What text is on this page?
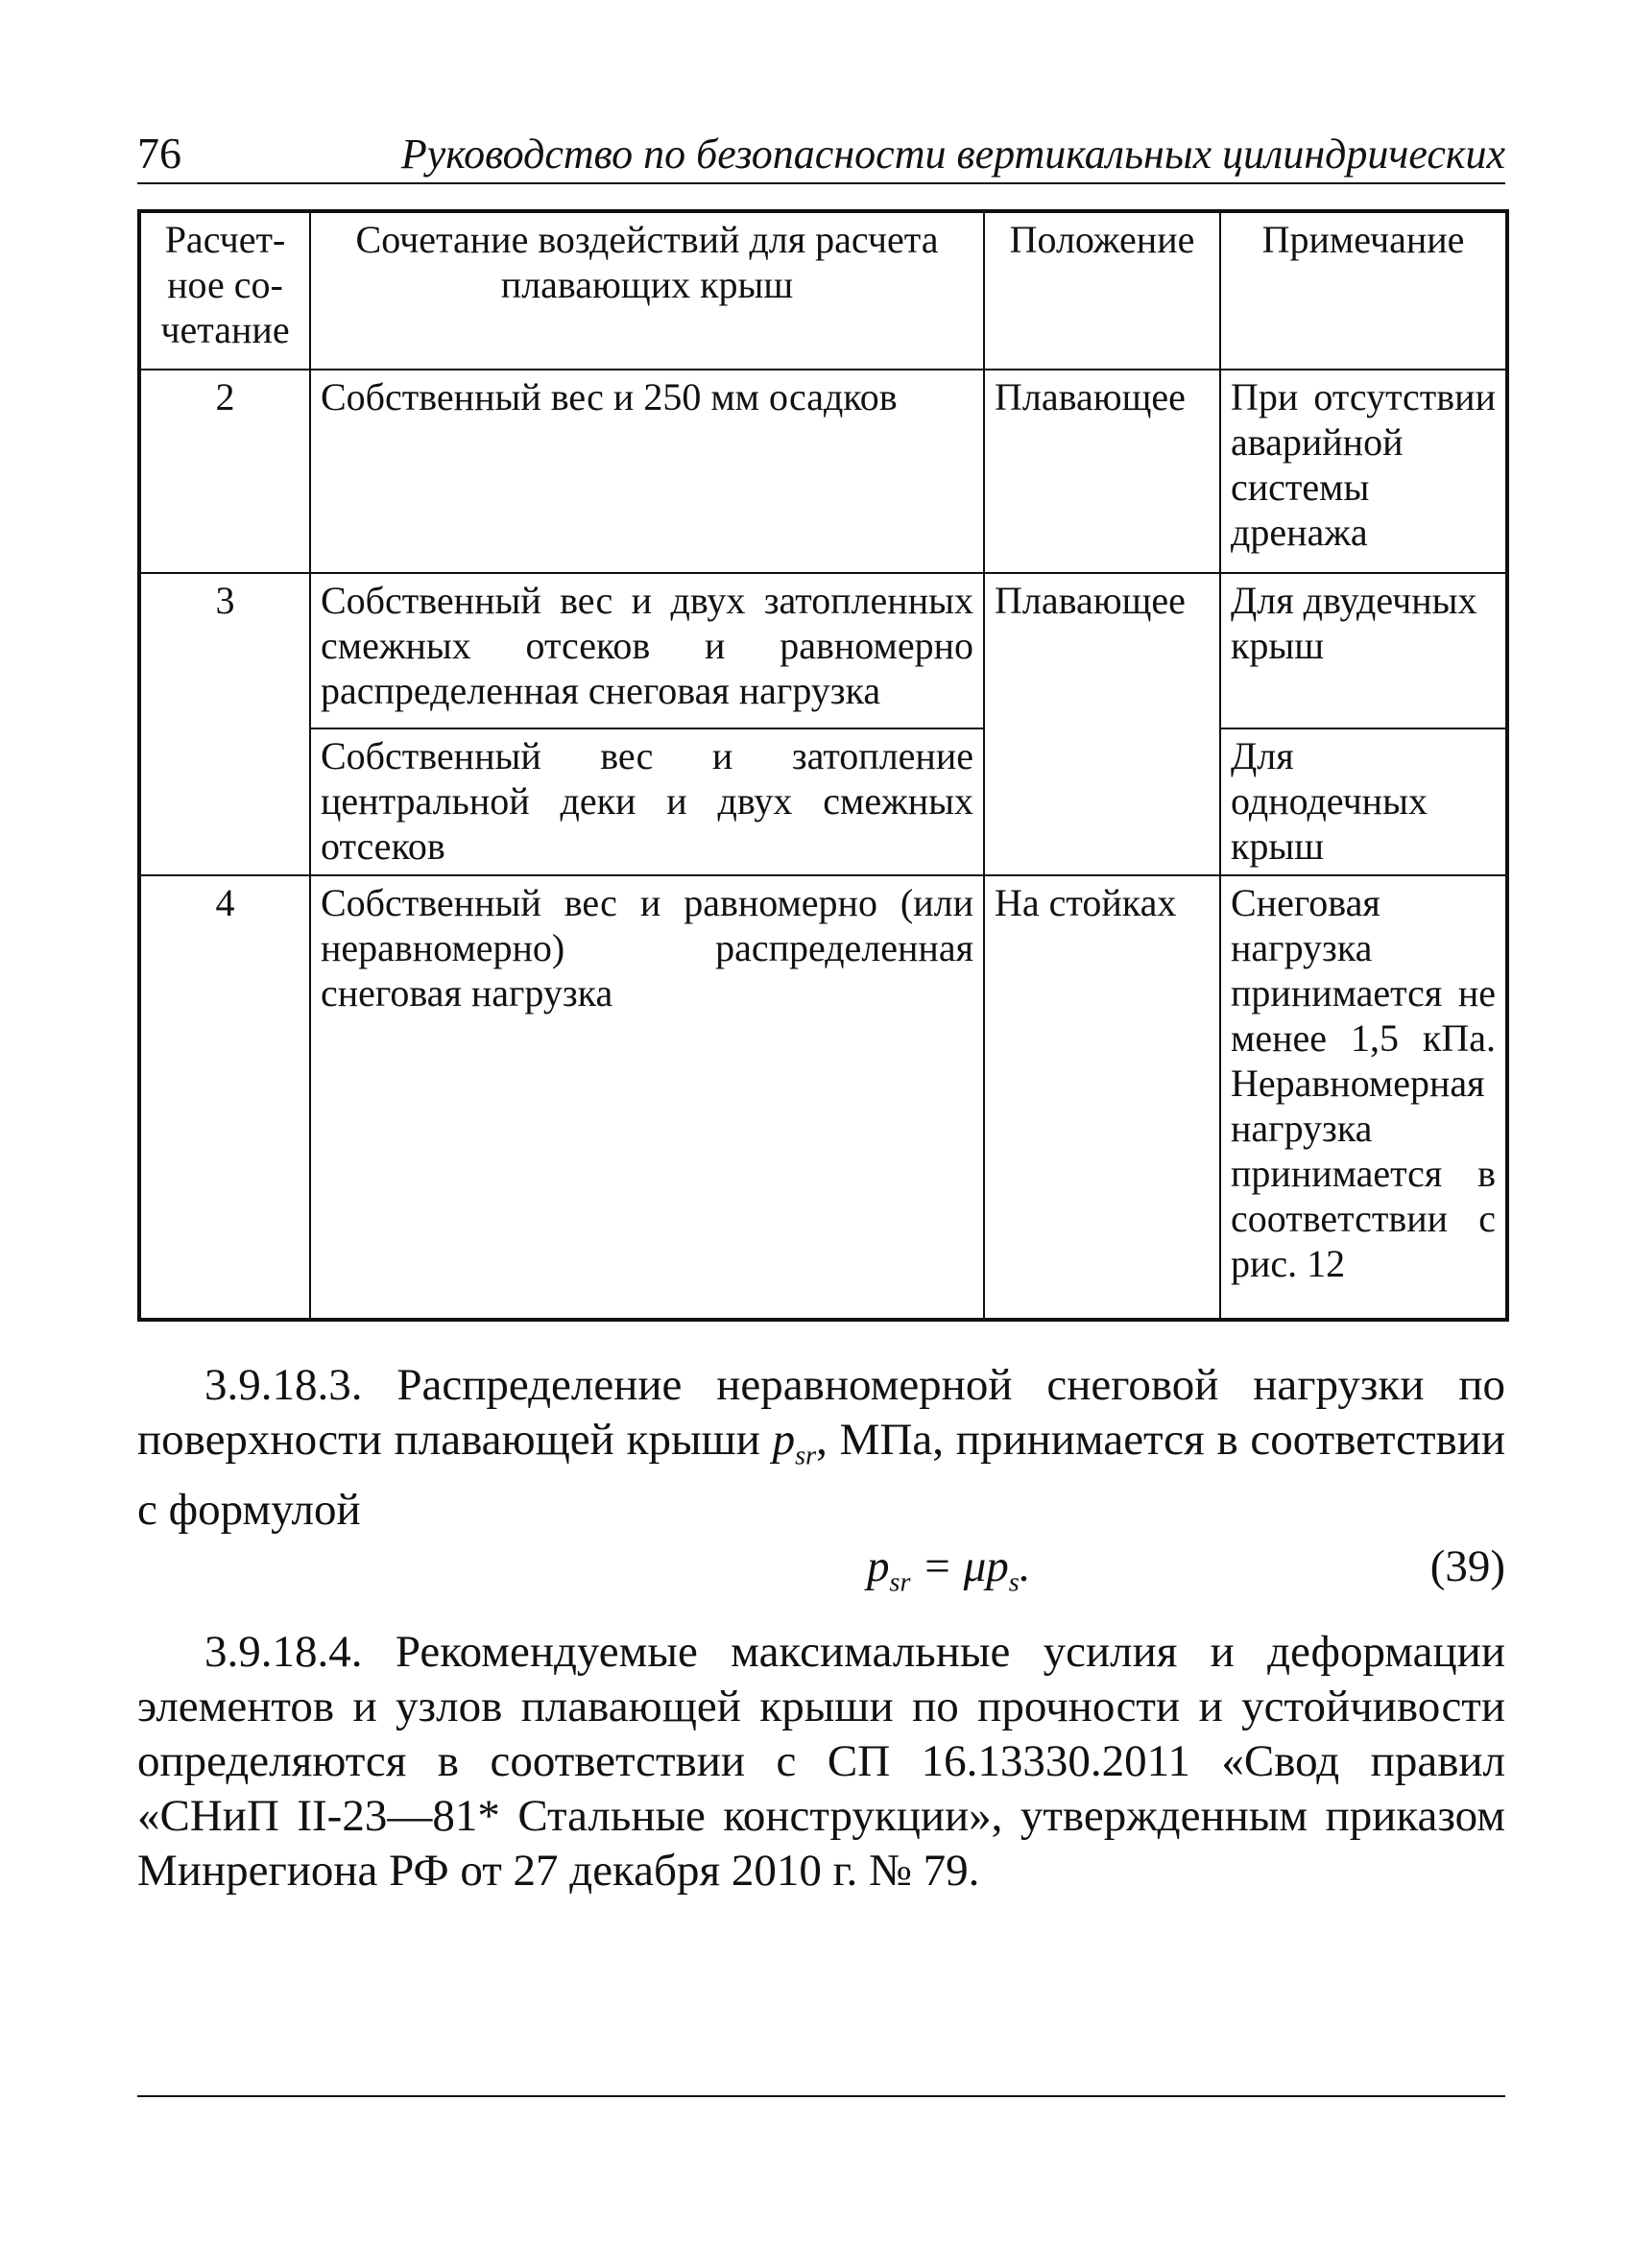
76	Руководство по безопасности вертикальных цилиндрических
Расчет-ное со-четание	Сочетание воздействий для расчета плавающих крыш	Положение	Примечание
2	Собственный вес и 250 мм осадков	Плавающее	При отсутствии аварийной системы дренажа
3	Собственный вес и двух затопленных смежных отсеков и равномерно распределенная снеговая нагрузка	Плавающее	Для двудечных крыш
	Собственный вес и затопление центральной деки и двух смежных отсеков		Для однодечных крыш
4	Собственный вес и равномерно (или неравномерно) распределенная снеговая нагрузка	На стойках	Снеговая нагрузка принимается не менее 1,5 кПа. Неравномерная нагрузка принимается в соответствии с рис. 12

3.9.18.3. Распределение неравномерной снеговой нагрузки по поверхности плавающей крыши $p_{sr}$, МПа, принимается в соответствии с формулой

$p_{sr} = \mu p_s$.	(39)

3.9.18.4. Рекомендуемые максимальные усилия и деформации элементов и узлов плавающей крыши по прочности и устойчивости определяются в соответствии с СП 16.13330.2011 «Свод правил «СНиП II-23—81* Стальные конструкции», утвержденным приказом Минрегиона РФ от 27 декабря 2010 г. № 79.
